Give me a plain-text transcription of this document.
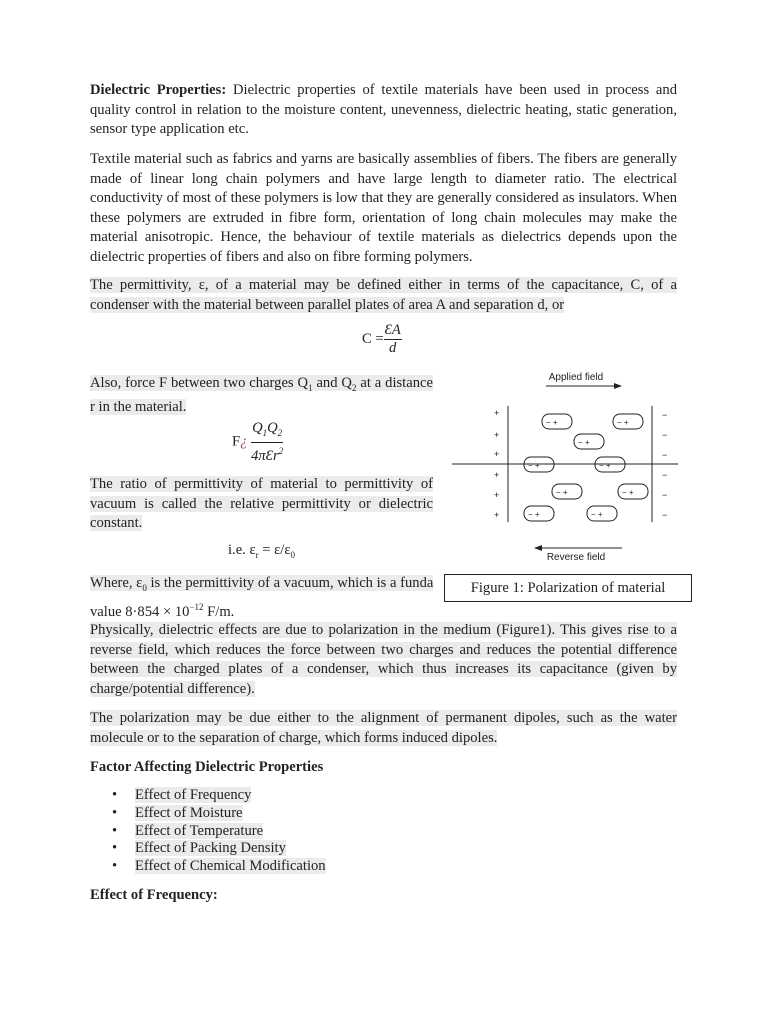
Dielectric Properties: Dielectric properties of textile materials have been used in process and quality control in relation to the moisture content, unevenness, dielectric heating, static generation, sensor type application etc.

Textile material such as fabrics and yarns are basically assemblies of fibers. The fibers are generally made of linear long chain polymers and have large length to diameter ratio. The electrical conductivity of most of these polymers is low that they are generally considered as insulators. When these polymers are extruded in fibre form, orientation of long chain molecules may make the material anisotropic. Hence, the behaviour of textile materials as dielectrics depends upon the dielectric properties of fibers and also on fibre forming polymers.

The permittivity, ε, of a material may be defined either in terms of the capacitance, C, of a condenser with the material between parallel plates of area A and separation d, or

$C = \frac{ƐA}{d}$

Also, force F between two charges $Q_1$ and $Q_2$ at a distance r in the material.

F¿ $\frac{Q_1Q_2}{4\pi Ɛr^2}$

The ratio of permittivity of material to permittivity of vacuum is called the relative permittivity or dielectric constant.

i.e. $\varepsilon_r = \varepsilon/\varepsilon_0$

Where, $\varepsilon_0$ is the permittivity of a vacuum, which is a funda
value $8\cdot 854 \times 10^{-12}$ F/m.

Applied field
+
+
+
+
+
+
−
−
−
−
−
−
− +	− +
− +
− +	− +
− +	− +
− +	− +
Reverse field
Figure 1: Polarization of material

Physically, dielectric effects are due to polarization in the medium (Figure1). This gives rise to a reverse field, which reduces the force between two charges and reduces the potential difference between the charged plates of a condenser, which thus increases its capacitance (given by charge/potential difference).

The polarization may be due either to the alignment of permanent dipoles, such as the water molecule or to the separation of charge, which forms induced dipoles.

Factor Affecting Dielectric Properties

• Effect of Frequency
• Effect of Moisture
• Effect of Temperature
• Effect of Packing Density
• Effect of Chemical Modification

Effect of Frequency:
